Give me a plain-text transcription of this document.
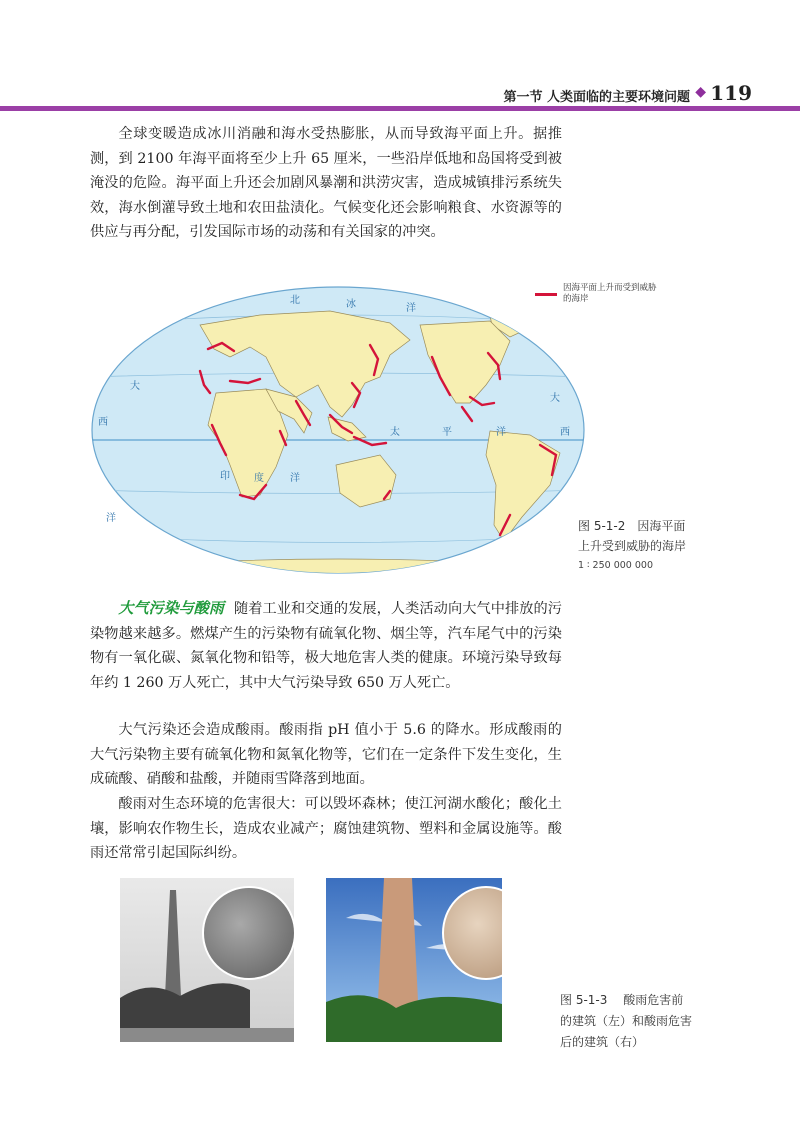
第一节 人类面临的主要环境问题 ◆ 119

全球变暖造成冰川消融和海水受热膨胀，从而导致海平面上升。据推测，到 2100 年海平面将至少上升 65 厘米，一些沿岸低地和岛国将受到被淹没的危险。海平面上升还会加剧风暴潮和洪涝灾害，造成城镇排污系统失效，海水倒灌导致土地和农田盐渍化。气候变化还会影响粮食、水资源等的供应与再分配，引发国际市场的动荡和有关国家的冲突。

北	冰	洋
大
太	平	洋
印 度	洋
西
洋
大
西
因海平面上升而受到威胁的海岸
图 5-1-2　因海平面
上升受到威胁的海岸
1 ∶ 250 000 000

大气污染与酸雨 随着工业和交通的发展，人类活动向大气中排放的污染物越来越多。燃煤产生的污染物有硫氧化物、烟尘等，汽车尾气中的污染物有一氧化碳、氮氧化物和铅等，极大地危害人类的健康。环境污染导致每年约 1 260 万人死亡，其中大气污染导致 650 万人死亡。

大气污染还会造成酸雨。酸雨指 pH 值小于 5.6 的降水。形成酸雨的大气污染物主要有硫氧化物和氮氧化物等，它们在一定条件下发生变化，生成硫酸、硝酸和盐酸，并随雨雪降落到地面。

酸雨对生态环境的危害很大：可以毁坏森林；使江河湖水酸化；酸化土壤，影响农作物生长，造成农业减产；腐蚀建筑物、塑料和金属设施等。酸雨还常常引起国际纠纷。

图 5-1-3　 酸雨危害前
的建筑（左）和酸雨危害
后的建筑（右）
